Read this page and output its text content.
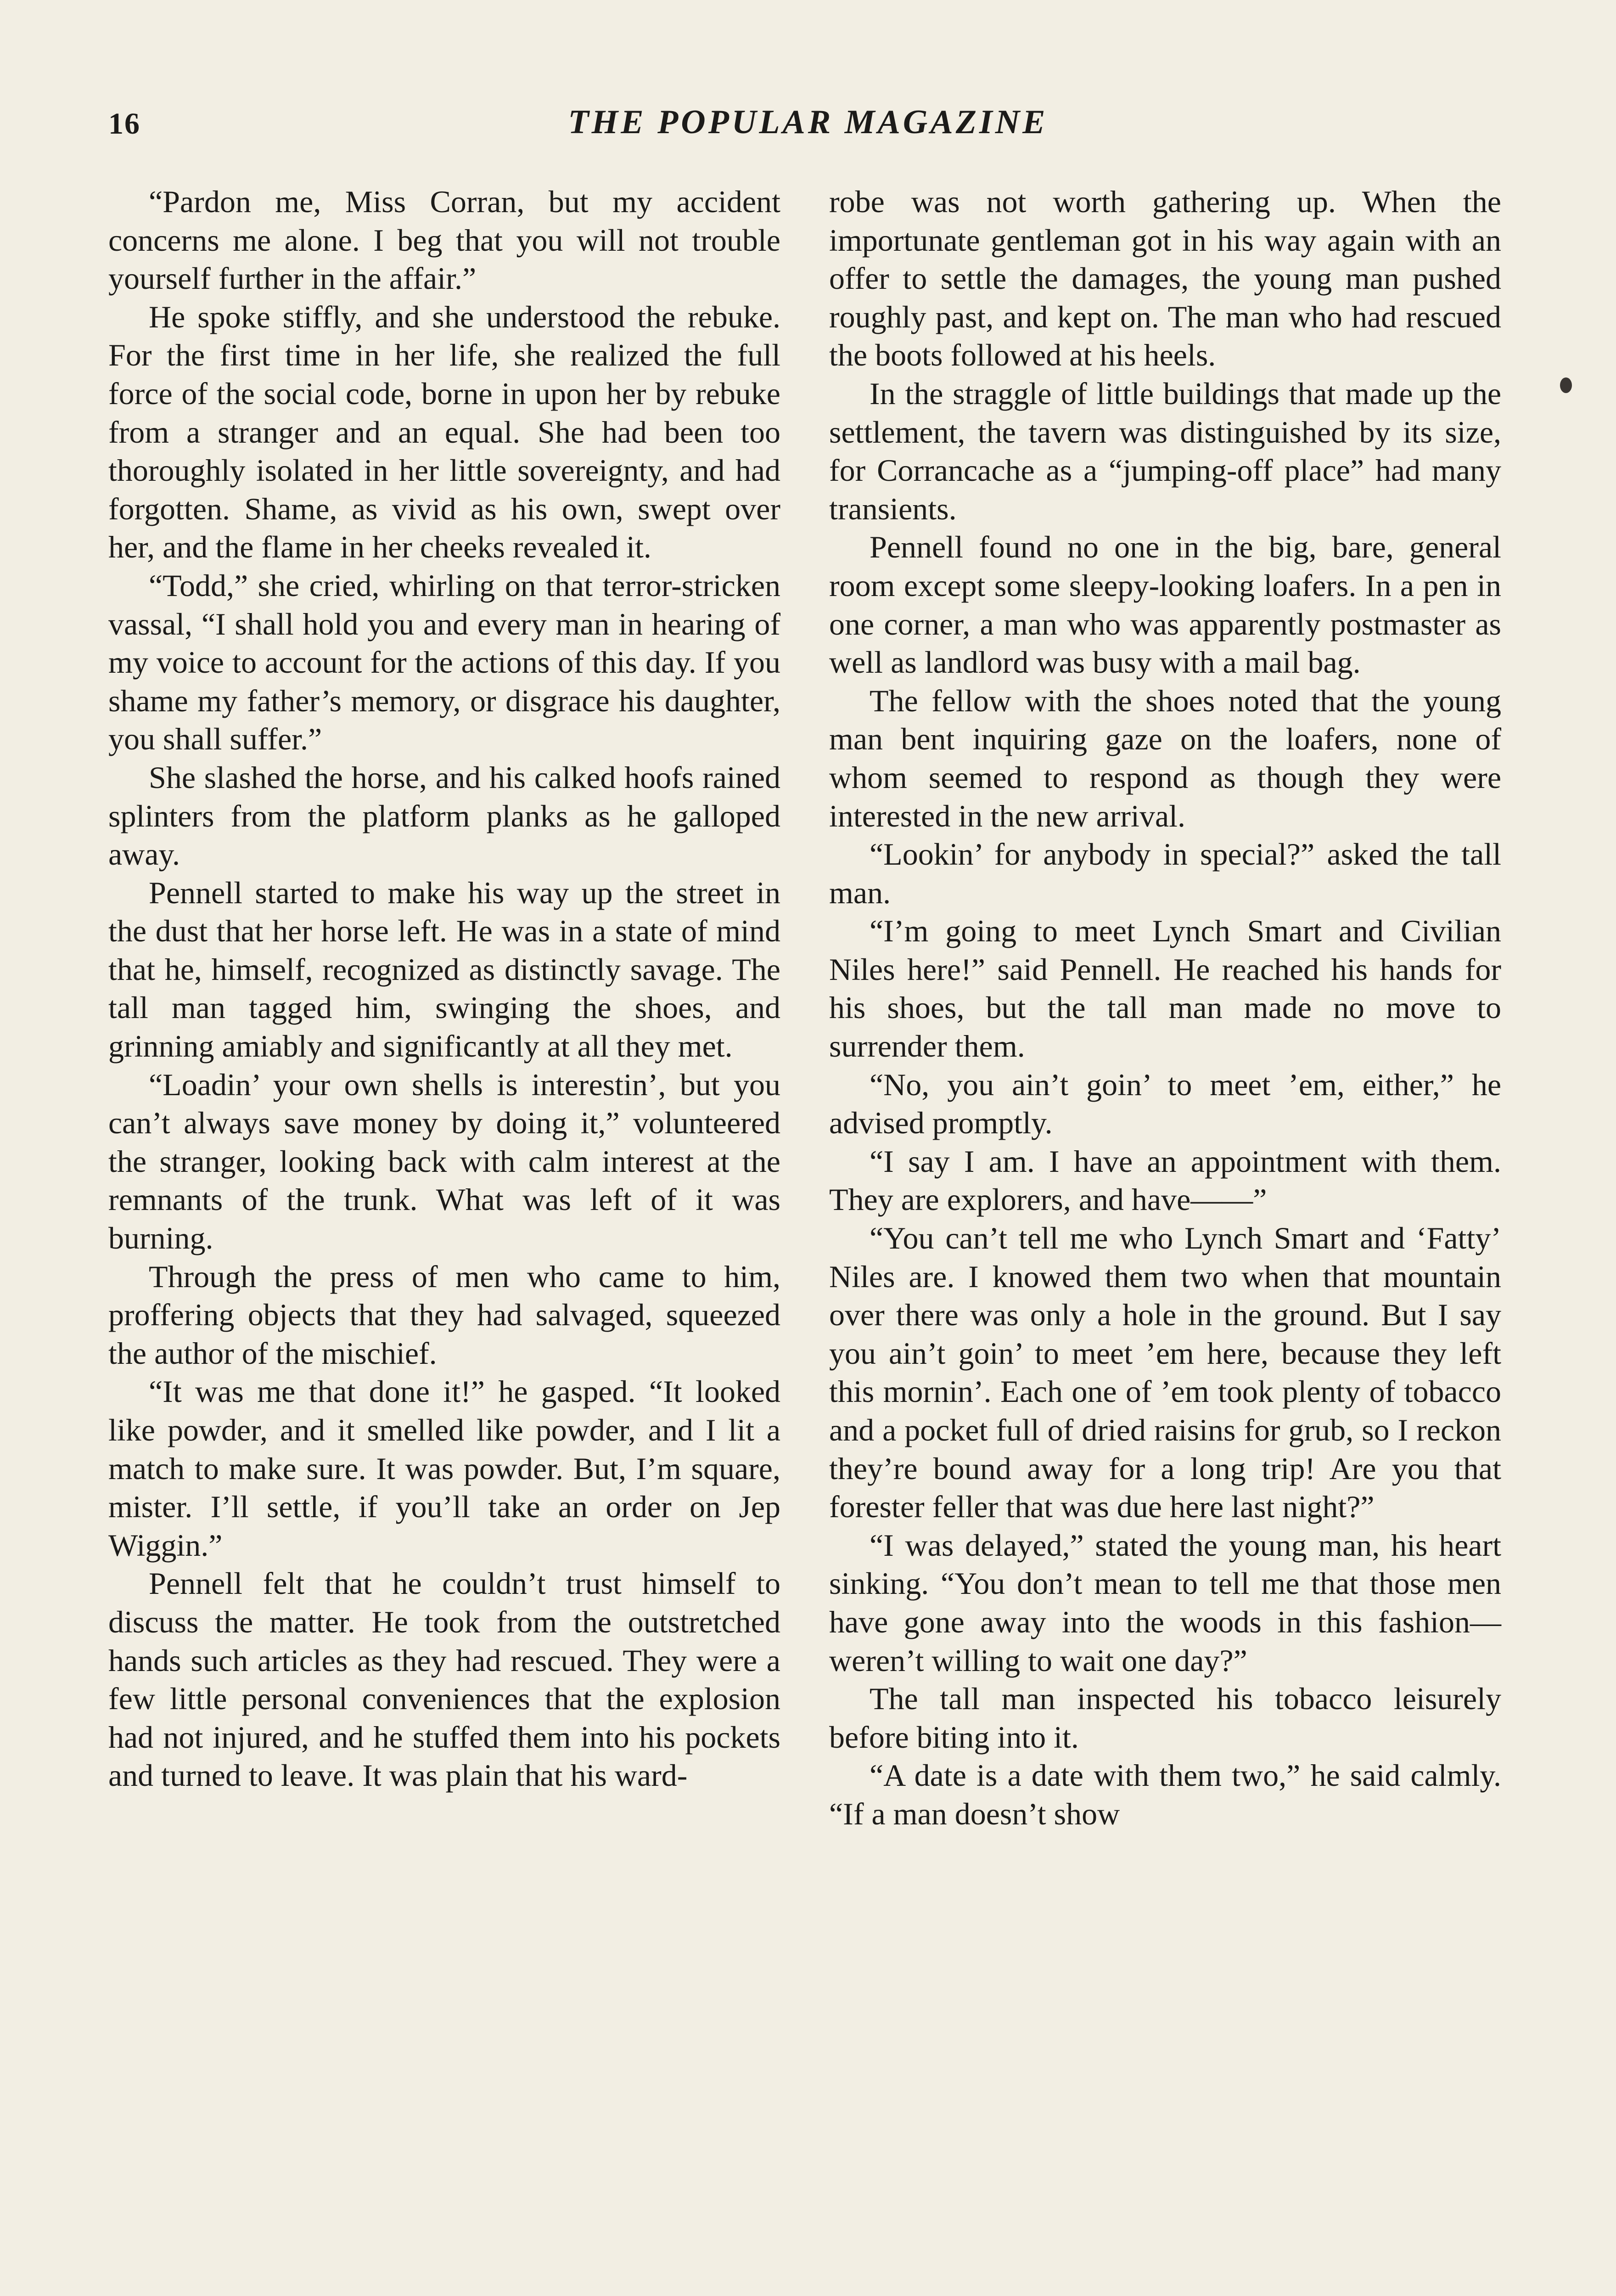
16	THE POPULAR MAGAZINE

“Pardon me, Miss Corran, but my accident concerns me alone. I beg that you will not trouble yourself further in the affair.”

He spoke stiffly, and she understood the rebuke. For the first time in her life, she realized the full force of the social code, borne in upon her by rebuke from a stranger and an equal. She had been too thoroughly isolated in her little sovereignty, and had forgotten. Shame, as vivid as his own, swept over her, and the flame in her cheeks revealed it.

“Todd,” she cried, whirling on that terror-stricken vassal, “I shall hold you and every man in hearing of my voice to account for the actions of this day. If you shame my father’s memory, or disgrace his daughter, you shall suffer.”

She slashed the horse, and his calked hoofs rained splinters from the platform planks as he galloped away.

Pennell started to make his way up the street in the dust that her horse left. He was in a state of mind that he, himself, recognized as distinctly savage. The tall man tagged him, swinging the shoes, and grinning amiably and significantly at all they met.

“Loadin’ your own shells is interestin’, but you can’t always save money by doing it,” volunteered the stranger, looking back with calm interest at the remnants of the trunk. What was left of it was burning.

Through the press of men who came to him, proffering objects that they had salvaged, squeezed the author of the mischief.

“It was me that done it!” he gasped. “It looked like powder, and it smelled like powder, and I lit a match to make sure. It was powder. But, I’m square, mister. I’ll settle, if you’ll take an order on Jep Wiggin.”

Pennell felt that he couldn’t trust himself to discuss the matter. He took from the outstretched hands such articles as they had rescued. They were a few little personal conveniences that the explosion had not injured, and he stuffed them into his pockets and turned to leave. It was plain that his ward-

robe was not worth gathering up. When the importunate gentleman got in his way again with an offer to settle the damages, the young man pushed roughly past, and kept on. The man who had rescued the boots followed at his heels.

In the straggle of little buildings that made up the settlement, the tavern was distinguished by its size, for Corrancache as a “jumping-off place” had many transients.

Pennell found no one in the big, bare, general room except some sleepy-looking loafers. In a pen in one corner, a man who was apparently postmaster as well as landlord was busy with a mail bag.

The fellow with the shoes noted that the young man bent inquiring gaze on the loafers, none of whom seemed to respond as though they were interested in the new arrival.

“Lookin’ for anybody in special?” asked the tall man.

“I’m going to meet Lynch Smart and Civilian Niles here!” said Pennell. He reached his hands for his shoes, but the tall man made no move to surrender them.

“No, you ain’t goin’ to meet ’em, either,” he advised promptly.

“I say I am. I have an appointment with them. They are explorers, and have——”

“You can’t tell me who Lynch Smart and ‘Fatty’ Niles are. I knowed them two when that mountain over there was only a hole in the ground. But I say you ain’t goin’ to meet ’em here, because they left this mornin’. Each one of ’em took plenty of tobacco and a pocket full of dried raisins for grub, so I reckon they’re bound away for a long trip! Are you that forester feller that was due here last night?”

“I was delayed,” stated the young man, his heart sinking. “You don’t mean to tell me that those men have gone away into the woods in this fashion—weren’t willing to wait one day?”

The tall man inspected his tobacco leisurely before biting into it.

“A date is a date with them two,” he said calmly. “If a man doesn’t show
